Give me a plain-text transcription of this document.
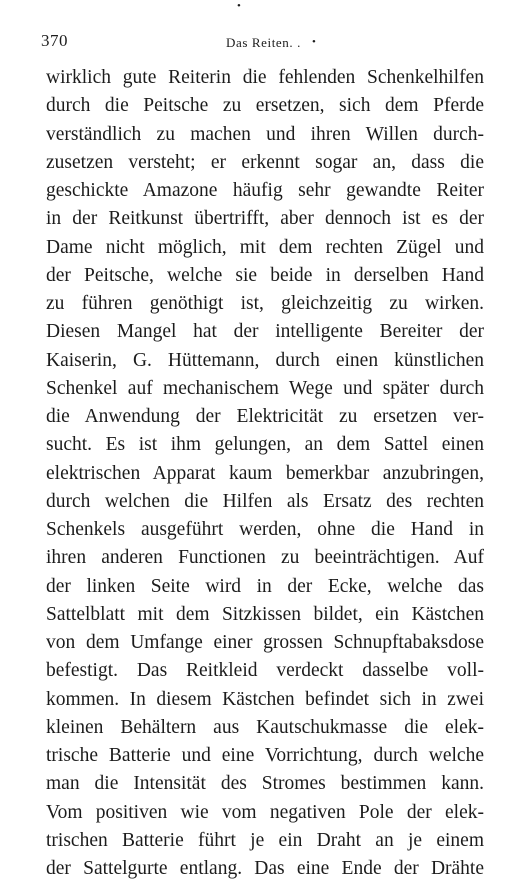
370	Das Reiten. .
•
•
wirklich gute Reiterin die fehlenden Schenkelhilfen
durch die Peitsche zu ersetzen, sich dem Pferde
verständlich zu machen und ihren Willen durch-
zusetzen versteht; er erkennt sogar an, dass die
geschickte Amazone häufig sehr gewandte Reiter
in der Reitkunst übertrifft, aber dennoch ist es der
Dame nicht möglich, mit dem rechten Zügel und
der Peitsche, welche sie beide in derselben Hand
zu führen genöthigt ist, gleichzeitig zu wirken.
Diesen Mangel hat der intelligente Bereiter der
Kaiserin, G. Hüttemann, durch einen künstlichen
Schenkel auf mechanischem Wege und später durch
die Anwendung der Elektricität zu ersetzen ver-
sucht. Es ist ihm gelungen, an dem Sattel einen
elektrischen Apparat kaum bemerkbar anzubringen,
durch welchen die Hilfen als Ersatz des rechten
Schenkels ausgeführt werden, ohne die Hand in
ihren anderen Functionen zu beeinträchtigen. Auf
der linken Seite wird in der Ecke, welche das
Sattelblatt mit dem Sitzkissen bildet, ein Kästchen
von dem Umfange einer grossen Schnupftabaksdose
befestigt. Das Reitkleid verdeckt dasselbe voll-
kommen. In diesem Kästchen befindet sich in zwei
kleinen Behältern aus Kautschukmasse die elek-
trische Batterie und eine Vorrichtung, durch welche
man die Intensität des Stromes bestimmen kann.
Vom positiven wie vom negativen Pole der elek-
trischen Batterie führt je ein Draht an je einem
der Sattelgurte entlang. Das eine Ende der Drähte
